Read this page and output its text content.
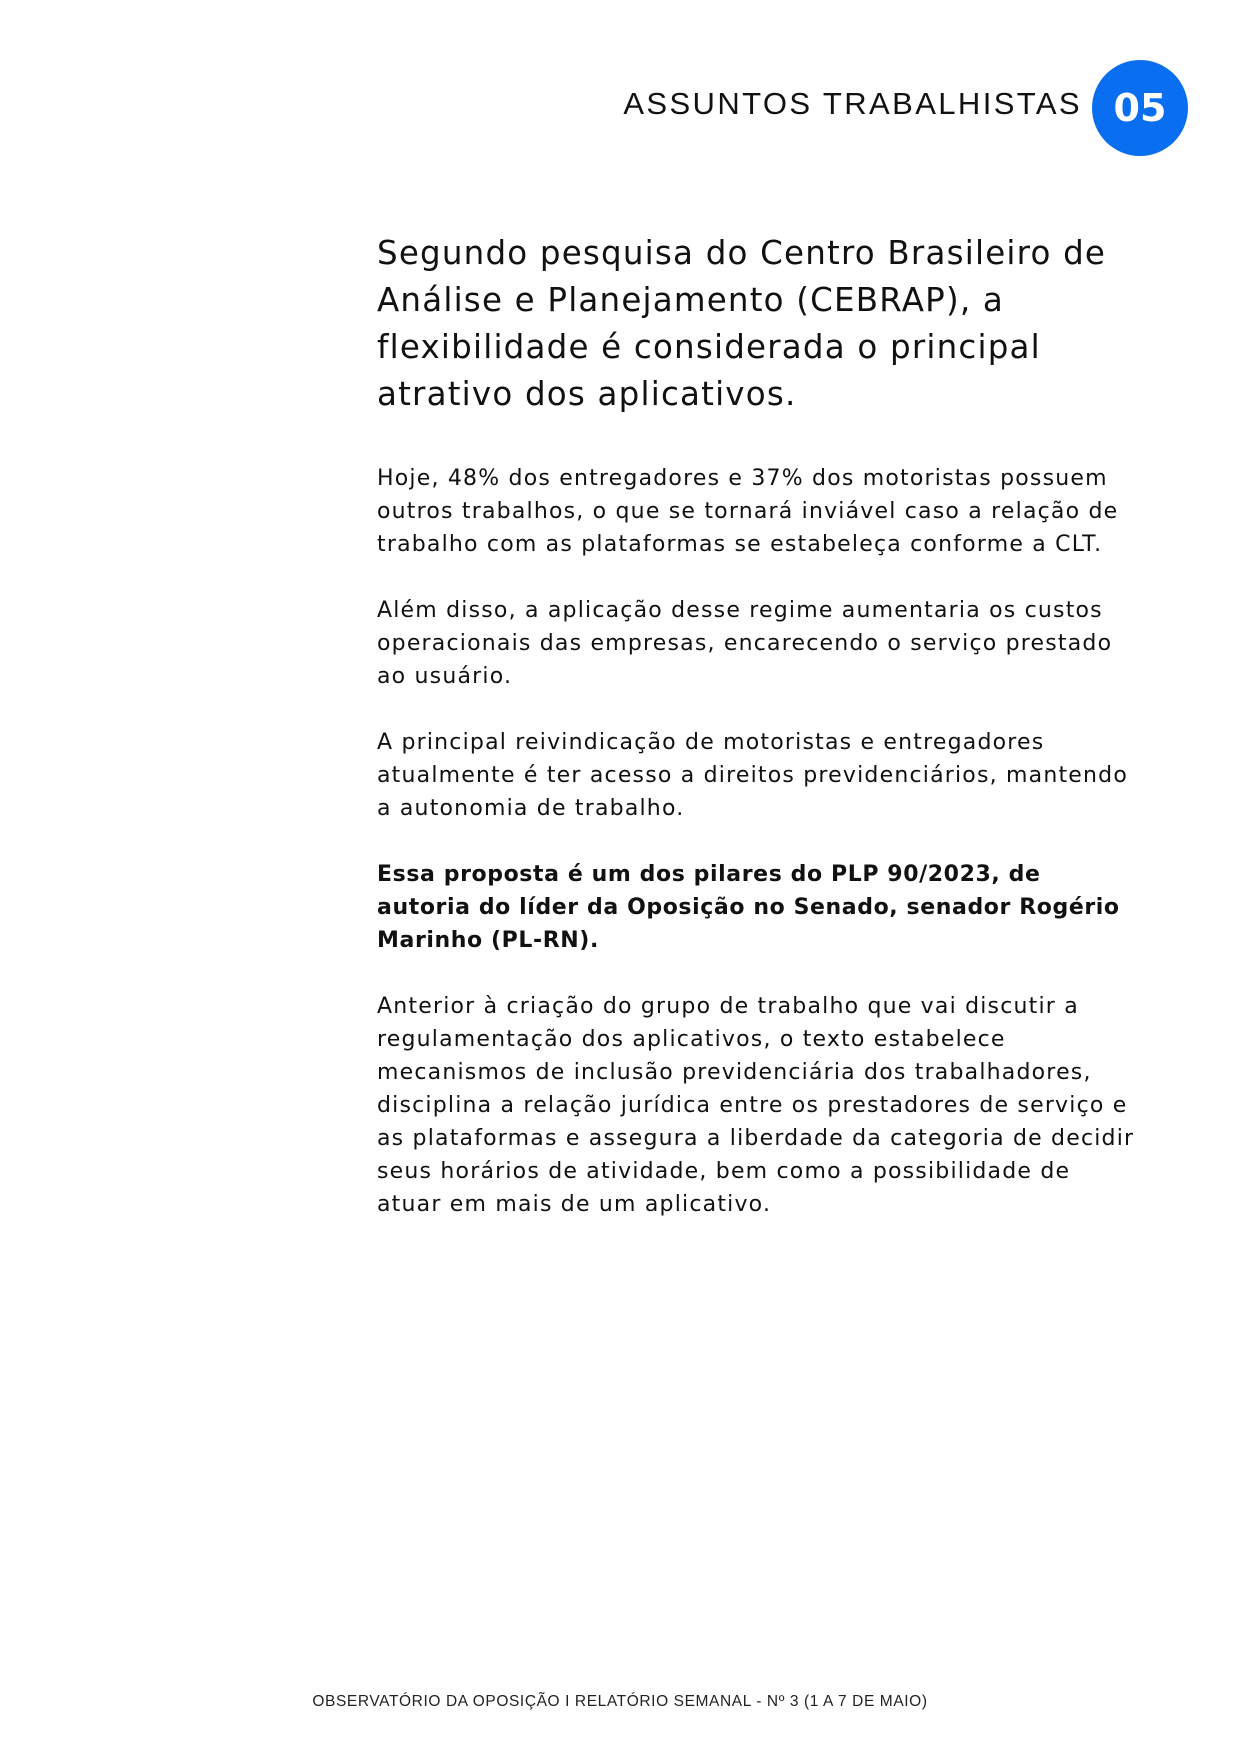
ASSUNTOS TRABALHISTAS 05

Segundo pesquisa do Centro Brasileiro de Análise e Planejamento (CEBRAP), a flexibilidade é considerada o principal atrativo dos aplicativos.

Hoje, 48% dos entregadores e 37% dos motoristas possuem outros trabalhos, o que se tornará inviável caso a relação de trabalho com as plataformas se estabeleça conforme a CLT.

Além disso, a aplicação desse regime aumentaria os custos operacionais das empresas, encarecendo o serviço prestado ao usuário.

A principal reivindicação de motoristas e entregadores atualmente é ter acesso a direitos previdenciários, mantendo a autonomia de trabalho.

Essa proposta é um dos pilares do PLP 90/2023, de autoria do líder da Oposição no Senado, senador Rogério Marinho (PL-RN).

Anterior à criação do grupo de trabalho que vai discutir a regulamentação dos aplicativos, o texto estabelece mecanismos de inclusão previdenciária dos trabalhadores, disciplina a relação jurídica entre os prestadores de serviço e as plataformas e assegura a liberdade da categoria de decidir seus horários de atividade, bem como a possibilidade de atuar em mais de um aplicativo.

OBSERVATÓRIO DA OPOSIÇÃO I RELATÓRIO SEMANAL - Nº 3 (1 A 7 DE MAIO)
